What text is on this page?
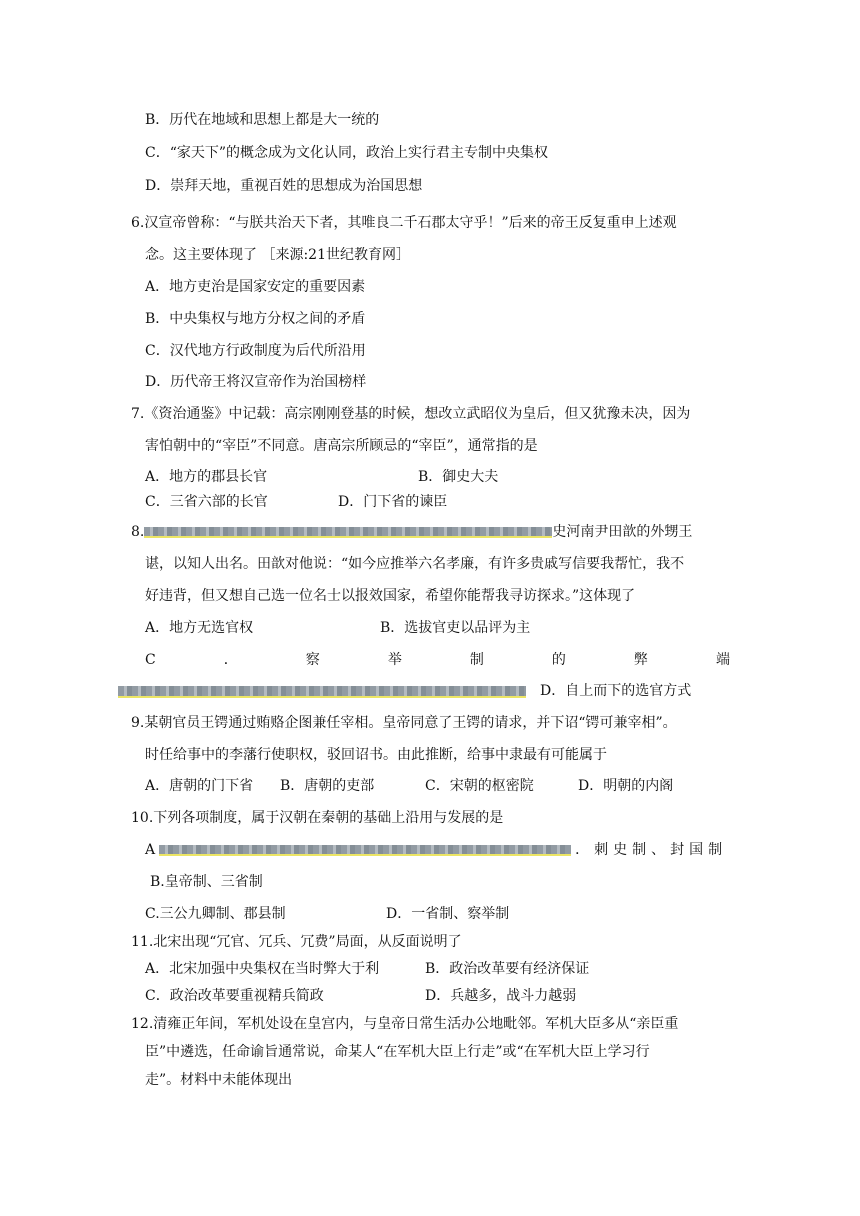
B．历代在地域和思想上都是大一统的
C．“家天下”的概念成为文化认同，政治上实行君主专制中央集权
D．崇拜天地，重视百姓的思想成为治国思想
6.汉宣帝曾称：“与朕共治天下者，其唯良二千石郡太守乎！”后来的帝王反复重申上述观
念。这主要体现了 ［来源:21世纪教育网］
A．地方吏治是国家安定的重要因素
B．中央集权与地方分权之间的矛盾
C．汉代地方行政制度为后代所沿用
D．历代帝王将汉宣帝作为治国榜样
7.《资治通鉴》中记载：高宗刚刚登基的时候，想改立武昭仪为皇后，但又犹豫未决，因为
害怕朝中的“宰臣”不同意。唐高宗所顾忌的“宰臣”，通常指的是
A．地方的郡县长官	B．御史大夫
C．三省六部的长官	D．门下省的谏臣
8.	史河南尹田歆的外甥王
谌，以知人出名。田歆对他说：“如今应推举六名孝廉，有许多贵戚写信要我帮忙，我不
好违背，但又想自己选一位名士以报效国家，希望你能帮我寻访探求。”这体现了
A．地方无选官权	B．选拔官吏以品评为主
C	．	察	举	制	的	弊	端
D．自上而下的选官方式
9.某朝官员王锷通过贿赂企图兼任宰相。皇帝同意了王锷的请求，并下诏“锷可兼宰相”。
时任给事中的李藩行使职权，驳回诏书。由此推断，给事中隶最有可能属于
A．唐朝的门下省 B．唐朝的吏部	C．宋朝的枢密院	D．明朝的内阁
10.下列各项制度，属于汉朝在秦朝的基础上沿用与发展的是
A	．刺史制、封国制
B.皇帝制、三省制
C.三公九卿制、郡县制	D．一省制、察举制
11.北宋出现“冗官、冗兵、冗费”局面，从反面说明了
A．北宋加强中央集权在当时弊大于利	B．政治改革要有经济保证
C．政治改革要重视精兵简政	D．兵越多，战斗力越弱
12.清雍正年间，军机处设在皇宫内，与皇帝日常生活办公地毗邻。军机大臣多从“亲臣重
臣”中遴选，任命谕旨通常说，命某人“在军机大臣上行走”或“在军机大臣上学习行
走”。材料中未能体现出
